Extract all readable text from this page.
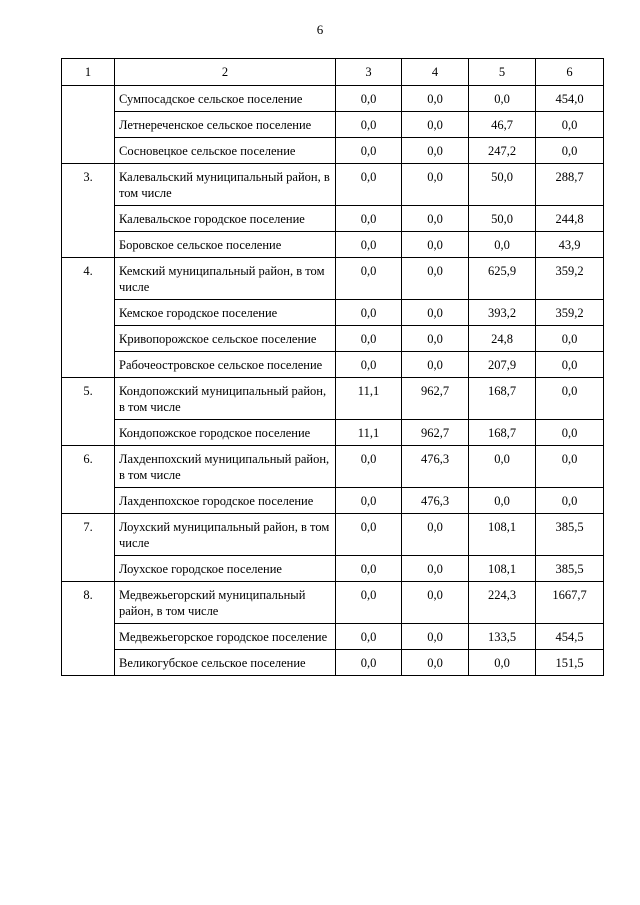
6
1	2	3	4	5	6
	Сумпосадское сельское поселение	0,0	0,0	0,0	454,0
	Летнереченское сельское поселение	0,0	0,0	46,7	0,0
	Сосновецкое сельское поселение	0,0	0,0	247,2	0,0
3.	Калевальский муниципальный район, в том числе	0,0	0,0	50,0	288,7
	Калевальское городское поселение	0,0	0,0	50,0	244,8
	Боровское сельское поселение	0,0	0,0	0,0	43,9
4.	Кемский муниципальный район, в том числе	0,0	0,0	625,9	359,2
	Кемское городское поселение	0,0	0,0	393,2	359,2
	Кривопорожское сельское поселение	0,0	0,0	24,8	0,0
	Рабочеостровское сельское поселение	0,0	0,0	207,9	0,0
5.	Кондопожский муниципальный район, в том числе	11,1	962,7	168,7	0,0
	Кондопожское городское поселение	11,1	962,7	168,7	0,0
6.	Лахденпохский муниципальный район, в том числе	0,0	476,3	0,0	0,0
	Лахденпохское городское поселение	0,0	476,3	0,0	0,0
7.	Лоухский муниципальный район, в том числе	0,0	0,0	108,1	385,5
	Лоухское городское поселение	0,0	0,0	108,1	385,5
8.	Медвежьегорский муниципальный район, в том числе	0,0	0,0	224,3	1667,7
	Медвежьегорское городское поселение	0,0	0,0	133,5	454,5
	Великогубское сельское поселение	0,0	0,0	0,0	151,5
